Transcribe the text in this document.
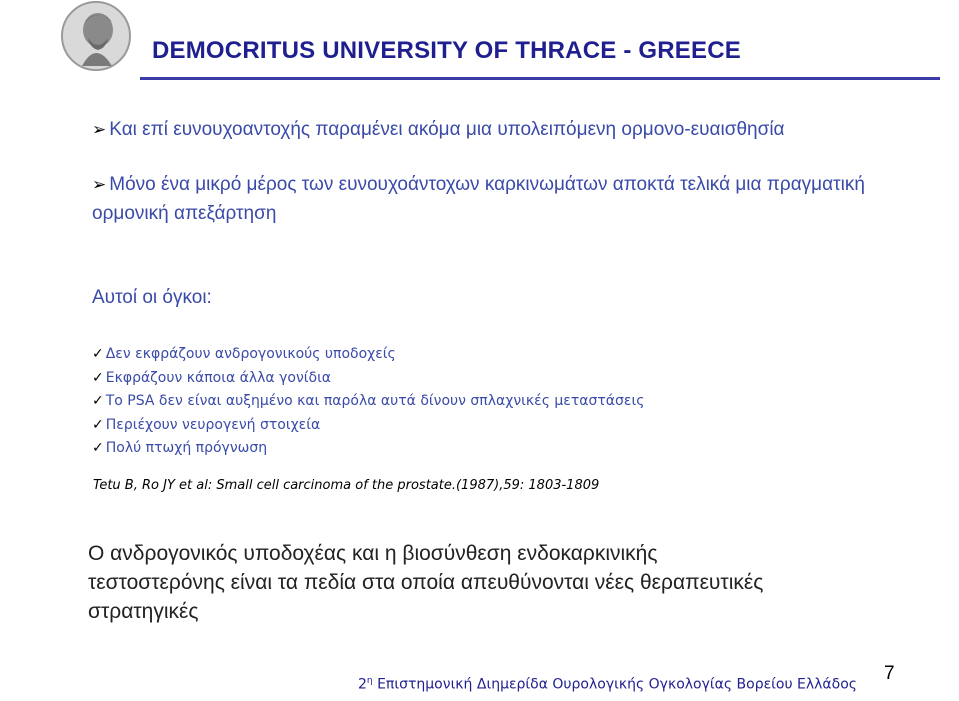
DEMOCRITUS UNIVERSITY OF THRACE - GREECE
➢ Και επί ευνουχοαντοχής παραμένει ακόμα μια υπολειπόμενη ορμονο-ευαισθησία
➢ Μόνο ένα μικρό μέρος των ευνουχοάντοχων καρκινωμάτων αποκτά τελικά μια πραγματική ορμονική απεξάρτηση
Αυτοί οι όγκοι:
✓ Δεν εκφράζουν ανδρογονικούς υποδοχείς
✓ Εκφράζουν κάποια άλλα γονίδια
✓ Το PSA δεν είναι αυξημένο και παρόλα αυτά δίνουν σπλαχνικές μεταστάσεις
✓ Περιέχουν νευρογενή στοιχεία
✓ Πολύ πτωχή πρόγνωση
Tetu B, Ro JY et al: Small cell carcinoma of the prostate.(1987),59: 1803-1809
Ο ανδρογονικός υποδοχέας και η βιοσύνθεση ενδοκαρκινικής τεστοστερόνης είναι τα πεδία στα οποία απευθύνονται νέες θεραπευτικές στρατηγικές
$2^\eta$ Επιστημονική Διημερίδα Ουρολογικής Ογκολογίας Βορείου Ελλάδος
7
